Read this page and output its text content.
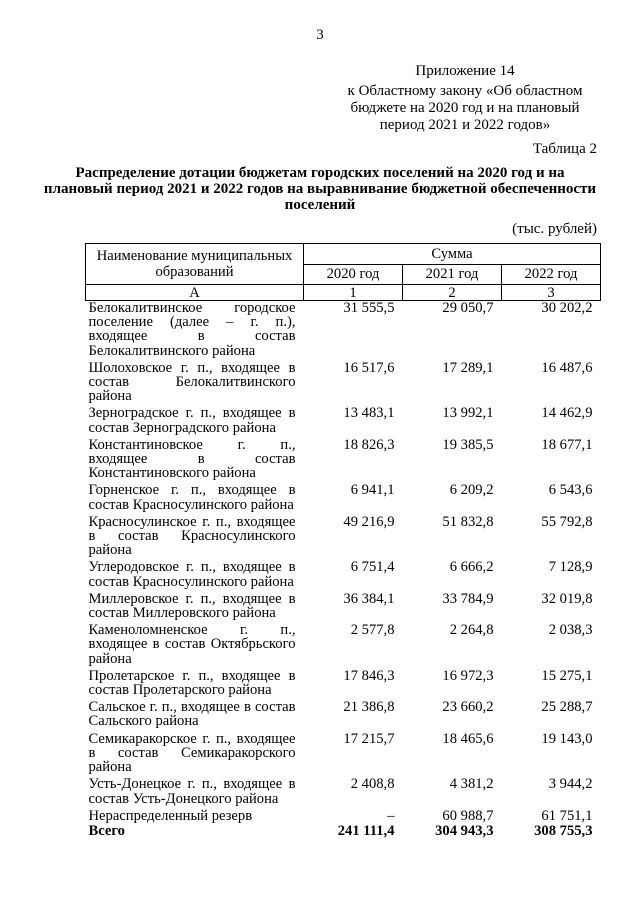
3
Приложение 14
к Областному закону «Об областном бюджете на 2020 год и на плановый период 2021 и 2022 годов»
Таблица 2
Распределение дотации бюджетам городских поселений на 2020 год и на плановый период 2021 и 2022 годов на выравнивание бюджетной обеспеченности поселений
(тыс. рублей)
Наименование муниципальных образований	Сумма		
	2020 год	2021 год	2022 год
А	1	2	3
Белокалитвинское городское поселение (далее – г. п.), входящее в состав Белокалитвинского района	31 555,5	29 050,7	30 202,2
Шолоховское г. п., входящее в состав Белокалитвинского района	16 517,6	17 289,1	16 487,6
Зерноградское г. п., входящее в состав Зерноградского района	13 483,1	13 992,1	14 462,9
Константиновское г. п., входящее в состав Константиновского района	18 826,3	19 385,5	18 677,1
Горненское г. п., входящее в состав Красносулинского района	6 941,1	6 209,2	6 543,6
Красносулинское г. п., входящее в состав Красносулинского района	49 216,9	51 832,8	55 792,8
Углеродовское г. п., входящее в состав Красносулинского района	6 751,4	6 666,2	7 128,9
Миллеровское г. п., входящее в состав Миллеровского района	36 384,1	33 784,9	32 019,8
Каменоломненское г. п., входящее в состав Октябрьского района	2 577,8	2 264,8	2 038,3
Пролетарское г. п., входящее в состав Пролетарского района	17 846,3	16 972,3	15 275,1
Сальское г. п., входящее в состав Сальского района	21 386,8	23 660,2	25 288,7
Семикаракорское г. п., входящее в состав Семикаракорского района	17 215,7	18 465,6	19 143,0
Усть-Донецкое г. п., входящее в состав Усть-Донецкого района	2 408,8	4 381,2	3 944,2
Нераспределенный резерв	–	60 988,7	61 751,1
Всего	241 111,4	304 943,3	308 755,3
